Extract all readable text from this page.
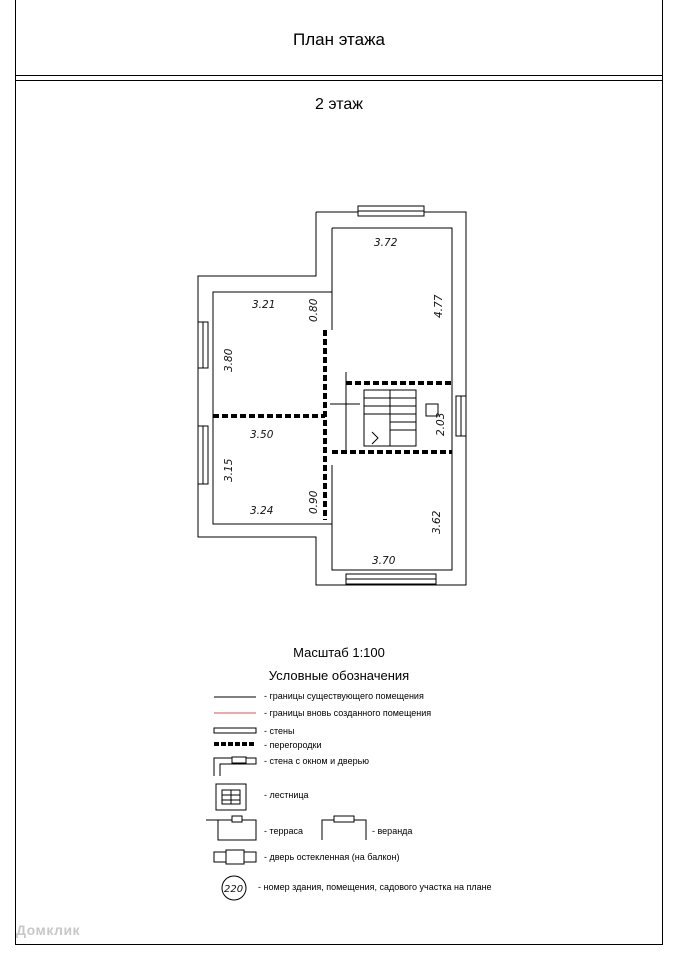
План этажа
2 этаж
3.72
4.77
3.21	0.80
3.80
3.50	2.03
3.15
3.24	0.90
3.62
3.70
220
Масштаб 1:100
Условные обозначения
- границы существующего помещения
- границы вновь созданного помещения
- стены
- перегородки
- стена с окном и дверью
- лестница
- терраса	- веранда
- дверь остекленная (на балкон)
- номер здания, помещения, садового участка на плане
Домклик
